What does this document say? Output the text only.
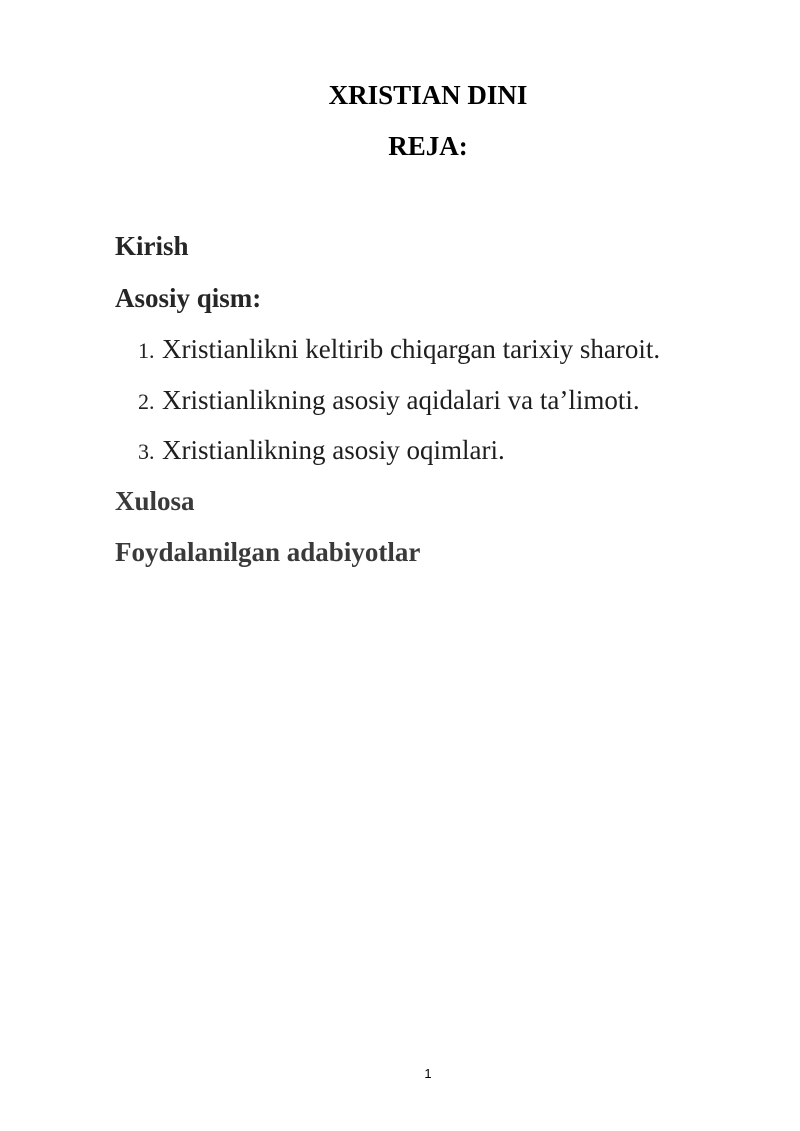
XRISTIAN DINI
REJA:
Kirish
Asosiy qism:
1. Xristianlikni keltirib chiqargan tarixiy sharoit.
2. Xristianlikning asosiy aqidalari va ta’limoti.
3. Xristianlikning asosiy oqimlari.
Xulosa
Foydalanilgan adabiyotlar
1
